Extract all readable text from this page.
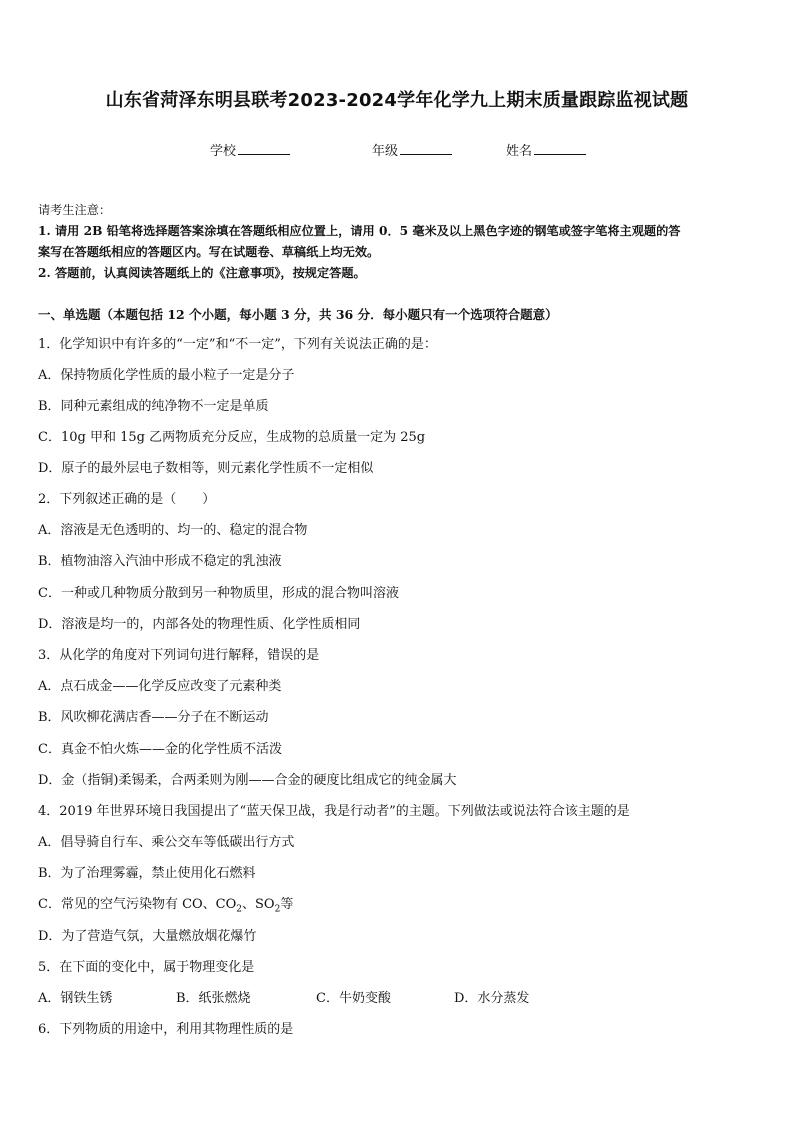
山东省菏泽东明县联考2023-2024学年化学九上期末质量跟踪监视试题
学校	年级	姓名
请考生注意：
1. 请用 2B 铅笔将选择题答案涂填在答题纸相应位置上，请用 0．5 毫米及以上黑色字迹的钢笔或签字笔将主观题的答
案写在答题纸相应的答题区内。写在试题卷、草稿纸上均无效。
2. 答题前，认真阅读答题纸上的《注意事项》，按规定答题。
一、单选题（本题包括 12 个小题，每小题 3 分，共 36 分．每小题只有一个选项符合题意）
1．化学知识中有许多的“一定”和“不一定”，下列有关说法正确的是：
A．保持物质化学性质的最小粒子一定是分子
B．同种元素组成的纯净物不一定是单质
C．10g 甲和 15g 乙两物质充分反应，生成物的总质量一定为 25g
D．原子的最外层电子数相等，则元素化学性质不一定相似
2．下列叙述正确的是（　　）
A．溶液是无色透明的、均一的、稳定的混合物
B．植物油溶入汽油中形成不稳定的乳浊液
C．一种或几种物质分散到另一种物质里，形成的混合物叫溶液
D．溶液是均一的，内部各处的物理性质、化学性质相同
3．从化学的角度对下列词句进行解释，错误的是
A．点石成金——化学反应改变了元素种类
B．风吹柳花满店香——分子在不断运动
C．真金不怕火炼——金的化学性质不活泼
D．金（指铜)柔锡柔，合两柔则为刚——合金的硬度比组成它的纯金属大
4．2019 年世界环境日我国提出了“蓝天保卫战，我是行动者”的主题。下列做法或说法符合该主题的是
A．倡导骑自行车、乘公交车等低碳出行方式
B．为了治理雾霾，禁止使用化石燃料
C．常见的空气污染物有 CO、$CO_2$、$SO_2$等
D．为了营造气氛，大量燃放烟花爆竹
5．在下面的变化中，属于物理变化是
A．钢铁生锈	B．纸张燃烧	C．牛奶变酸	D．水分蒸发
6．下列物质的用途中，利用其物理性质的是
